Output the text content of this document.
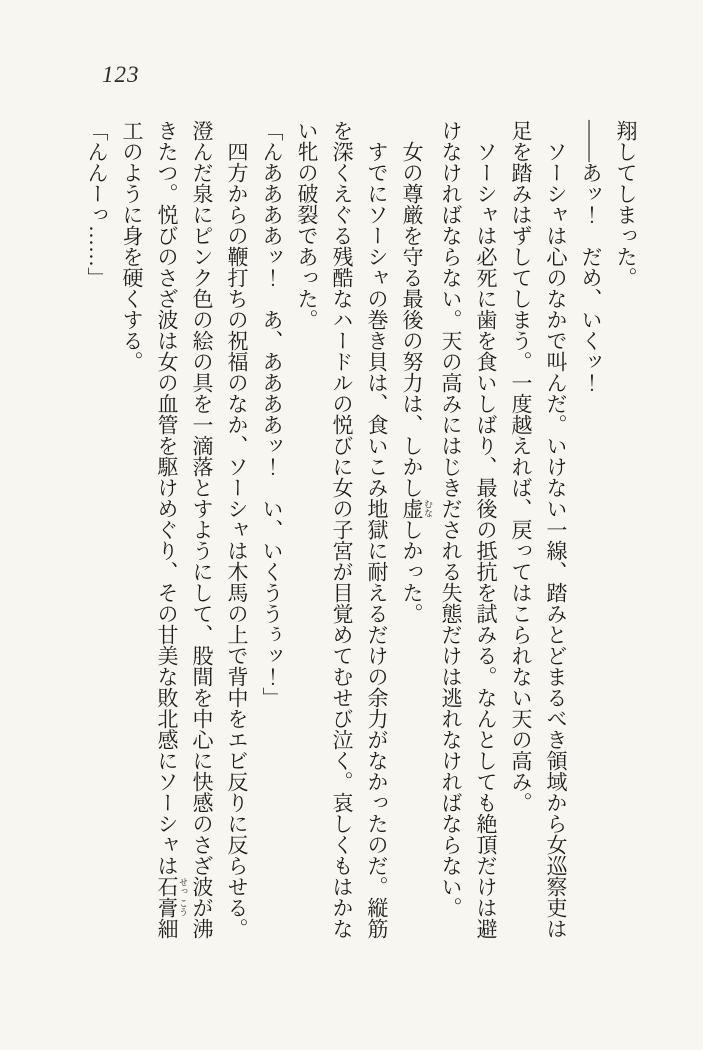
123

翔してしまった。

——あッ！　だめ、いくッ！

ソーシャは心のなかで叫んだ。いけない一線、踏みとどまるべき領域から女巡察吏は足を踏みはずしてしまう。一度越えれば、戻ってはこられない天の高み。

ソーシャは必死に歯を食いしばり、最後の抵抗を試みる。なんとしても絶頂だけは避けなければならない。天の高みにはじきだされる失態だけは逃れなければならない。

女の尊厳を守る最後の努力は、しかし虚 むなしかった。

すでにソーシャの巻き貝は、食いこみ地獄に耐えるだけの余力がなかったのだ。縦筋を深くえぐる残酷なハードルの悦びに女の子宮が目覚めてむせび泣く。哀しくもはかない牝の破裂であった。

「んああああッ！　あ、ああああッ！　い、いくううぅッ！」

四方からの鞭打ちの祝福のなか、ソーシャは木馬の上で背中をエビ反りに反らせる。澄んだ泉にピンク色の絵の具を一滴落とすようにして、股間を中心に快感のさざ波が沸きたつ。悦びのさざ波は女の血管を駆けめぐり、その甘美な敗北感にソーシャは石 せっ膏 こう細工のように身を硬くする。

「んんーっ……」
